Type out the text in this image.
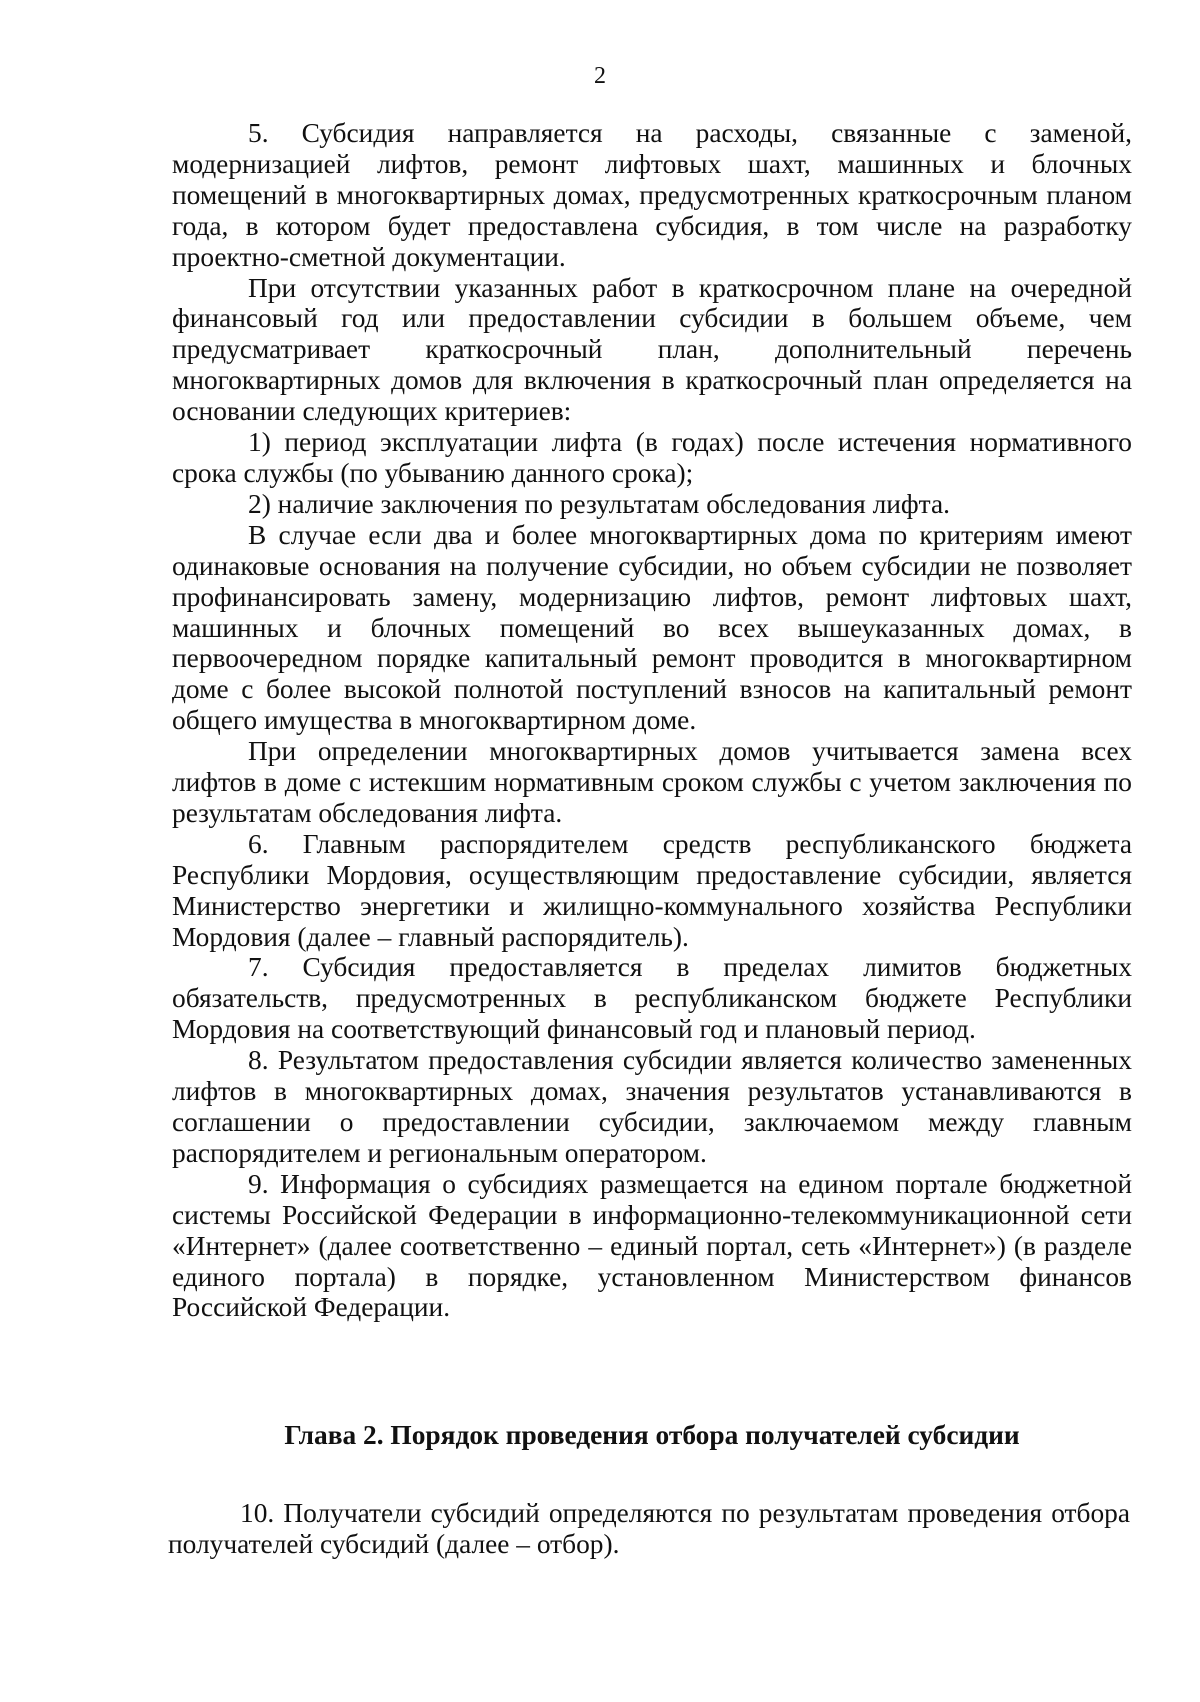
2

5. Субсидия направляется на расходы, связанные с заменой, модернизацией лифтов, ремонт лифтовых шахт, машинных и блочных помещений в многоквартирных домах, предусмотренных краткосрочным планом года, в котором будет предоставлена субсидия, в том числе на разработку проектно-сметной документации.

При отсутствии указанных работ в краткосрочном плане на очередной финансовый год или предоставлении субсидии в большем объеме, чем предусматривает краткосрочный план, дополнительный перечень многоквартирных домов для включения в краткосрочный план определяется на основании следующих критериев:

1) период эксплуатации лифта (в годах) после истечения нормативного срока службы (по убыванию данного срока);

2) наличие заключения по результатам обследования лифта.

В случае если два и более многоквартирных дома по критериям имеют одинаковые основания на получение субсидии, но объем субсидии не позволяет профинансировать замену, модернизацию лифтов, ремонт лифтовых шахт, машинных и блочных помещений во всех вышеуказанных домах, в первоочередном порядке капитальный ремонт проводится в многоквартирном доме с более высокой полнотой поступлений взносов на капитальный ремонт общего имущества в многоквартирном доме.

При определении многоквартирных домов учитывается замена всех лифтов в доме с истекшим нормативным сроком службы с учетом заключения по результатам обследования лифта.

6. Главным распорядителем средств республиканского бюджета Республики Мордовия, осуществляющим предоставление субсидии, является Министерство энергетики и жилищно-коммунального хозяйства Республики Мордовия (далее – главный распорядитель).

7. Субсидия предоставляется в пределах лимитов бюджетных обязательств, предусмотренных в республиканском бюджете Республики Мордовия на соответствующий финансовый год и плановый период.

8. Результатом предоставления субсидии является количество замененных лифтов в многоквартирных домах, значения результатов устанавливаются в соглашении о предоставлении субсидии, заключаемом между главным распорядителем и региональным оператором.

9. Информация о субсидиях размещается на едином портале бюджетной системы Российской Федерации в информационно-телекоммуникационной сети «Интернет» (далее соответственно – единый портал, сеть «Интернет») (в разделе единого портала) в порядке, установленном Министерством финансов Российской Федерации.

Глава 2. Порядок проведения отбора получателей субсидии

10. Получатели субсидий определяются по результатам проведения отбора получателей субсидий (далее – отбор).
